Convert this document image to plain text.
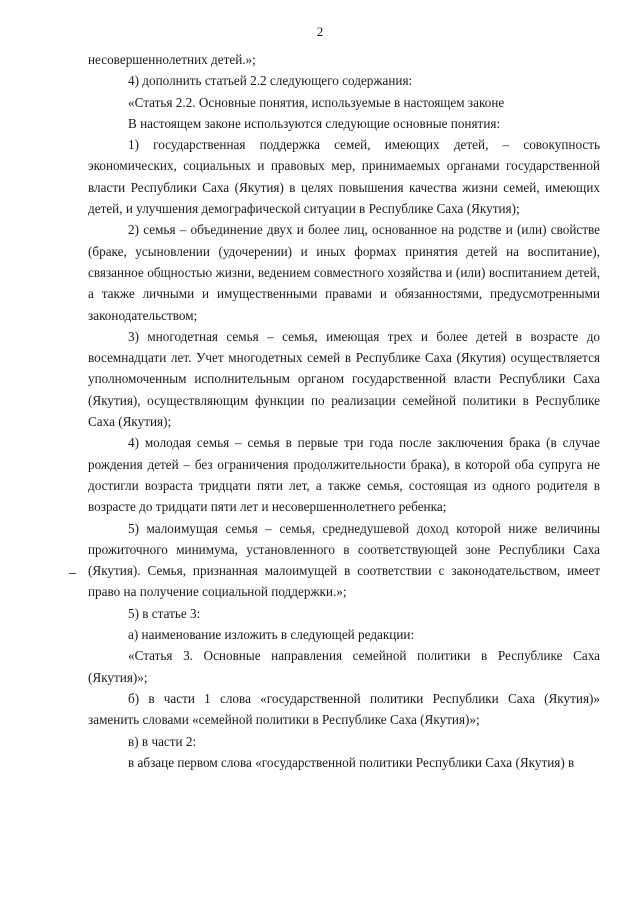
2

несовершеннолетних детей.»;

4) дополнить статьей 2.2 следующего содержания:

«Статья 2.2. Основные понятия, используемые в настоящем законе

В настоящем законе используются следующие основные понятия:

1) государственная поддержка семей, имеющих детей, – совокупность экономических, социальных и правовых мер, принимаемых органами государственной власти Республики Саха (Якутия) в целях повышения качества жизни семей, имеющих детей, и улучшения демографической ситуации в Республике Саха (Якутия);

2) семья – объединение двух и более лиц, основанное на родстве и (или) свойстве (браке, усыновлении (удочерении) и иных формах принятия детей на воспитание), связанное общностью жизни, ведением совместного хозяйства и (или) воспитанием детей, а также личными и имущественными правами и обязанностями, предусмотренными законодательством;

3) многодетная семья – семья, имеющая трех и более детей в возрасте до восемнадцати лет. Учет многодетных семей в Республике Саха (Якутия) осуществляется уполномоченным исполнительным органом государственной власти Республики Саха (Якутия), осуществляющим функции по реализации семейной политики в Республике Саха (Якутия);

4) молодая семья – семья в первые три года после заключения брака (в случае рождения детей – без ограничения продолжительности брака), в которой оба супруга не достигли возраста тридцати пяти лет, а также семья, состоящая из одного родителя в возрасте до тридцати пяти лет и несовершеннолетнего ребенка;

5) малоимущая семья – семья, среднедушевой доход которой ниже величины прожиточного минимума, установленного в соответствующей зоне Республики Саха (Якутия). Семья, признанная малоимущей в соответствии с законодательством, имеет право на получение социальной поддержки.»;

5) в статье 3:

а) наименование изложить в следующей редакции:

«Статья 3. Основные направления семейной политики в Республике Саха (Якутия)»;

б) в части 1 слова «государственной политики Республики Саха (Якутия)» заменить словами «семейной политики в Республике Саха (Якутия)»;

в) в части 2:

в абзаце первом слова «государственной политики Республики Саха (Якутия) в
